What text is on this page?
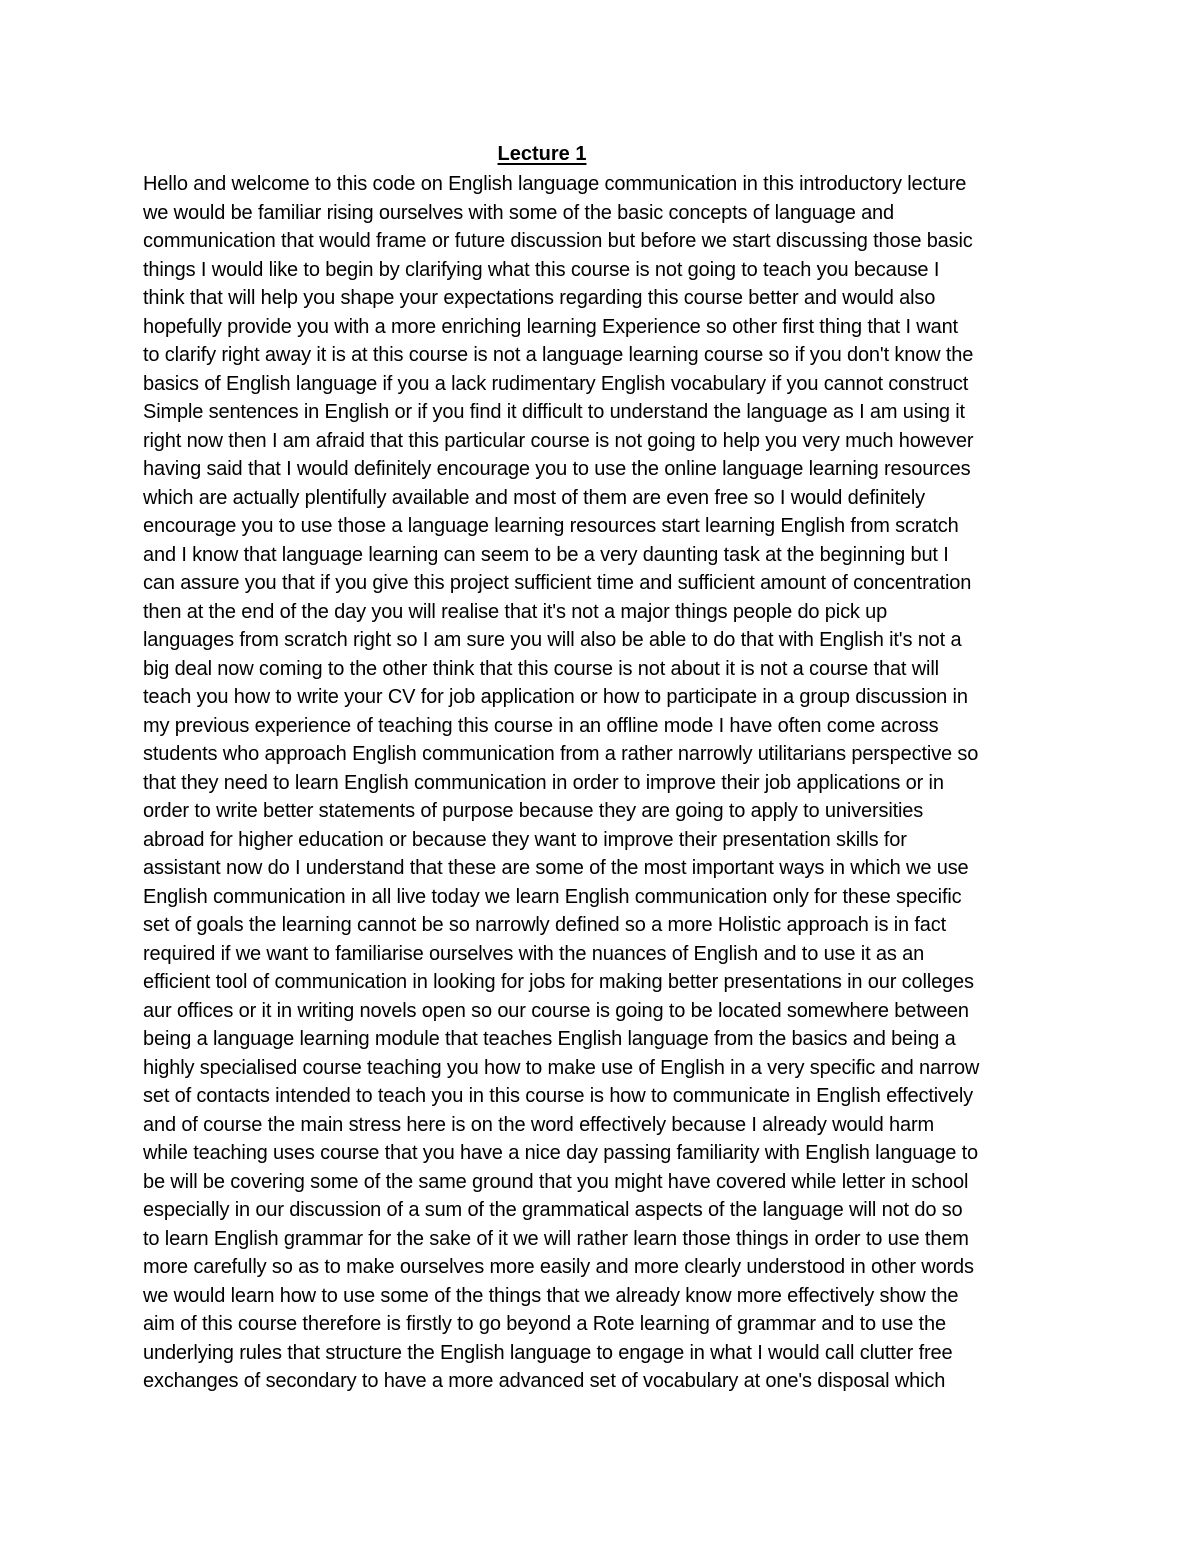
Lecture 1
Hello and welcome to this code on English language communication in this introductory lecture
we would be familiar rising ourselves with some of the basic concepts of language and
communication that would frame or future discussion but before we start discussing those basic
things I would like to begin by clarifying what this course is not going to teach you because I
think that will help you shape your expectations regarding this course better and would also
hopefully provide you with a more enriching learning Experience so other first thing that I want
to clarify right away it is at this course is not a language learning course so if you don't know the
basics of English language if you a lack rudimentary English vocabulary if you cannot construct
Simple sentences in English or if you find it difficult to understand the language as I am using it
right now then I am afraid that this particular course is not going to help you very much however
having said that I would definitely encourage you to use the online language learning resources
which are actually plentifully available and most of them are even free so I would definitely
encourage you to use those a language learning resources start learning English from scratch
and I know that language learning can seem to be a very daunting task at the beginning but I
can assure you that if you give this project sufficient time and sufficient amount of concentration
then at the end of the day you will realise that it's not a major things people do pick up
languages from scratch right so I am sure you will also be able to do that with English it's not a
big deal now coming to the other think that this course is not about it is not a course that will
teach you how to write your CV for job application or how to participate in a group discussion in
my previous experience of teaching this course in an offline mode I have often come across
students who approach English communication from a rather narrowly utilitarians perspective so
that they need to learn English communication in order to improve their job applications or in
order to write better statements of purpose because they are going to apply to universities
abroad for higher education or because they want to improve their presentation skills for
assistant now do I understand that these are some of the most important ways in which we use
English communication in all live today we learn English communication only for these specific
set of goals the learning cannot be so narrowly defined so a more Holistic approach is in fact
required if we want to familiarise ourselves with the nuances of English and to use it as an
efficient tool of communication in looking for jobs for making better presentations in our colleges
aur offices or it in writing novels open so our course is going to be located somewhere between
being a language learning module that teaches English language from the basics and being a
highly specialised course teaching you how to make use of English in a very specific and narrow
set of contacts intended to teach you in this course is how to communicate in English effectively
and of course the main stress here is on the word effectively because I already would harm
while teaching uses course that you have a nice day passing familiarity with English language to
be will be covering some of the same ground that you might have covered while letter in school
especially in our discussion of a sum of the grammatical aspects of the language will not do so
to learn English grammar for the sake of it we will rather learn those things in order to use them
more carefully so as to make ourselves more easily and more clearly understood in other words
we would learn how to use some of the things that we already know more effectively show the
aim of this course therefore is firstly to go beyond a Rote learning of grammar and to use the
underlying rules that structure the English language to engage in what I would call clutter free
exchanges of secondary to have a more advanced set of vocabulary at one's disposal which
